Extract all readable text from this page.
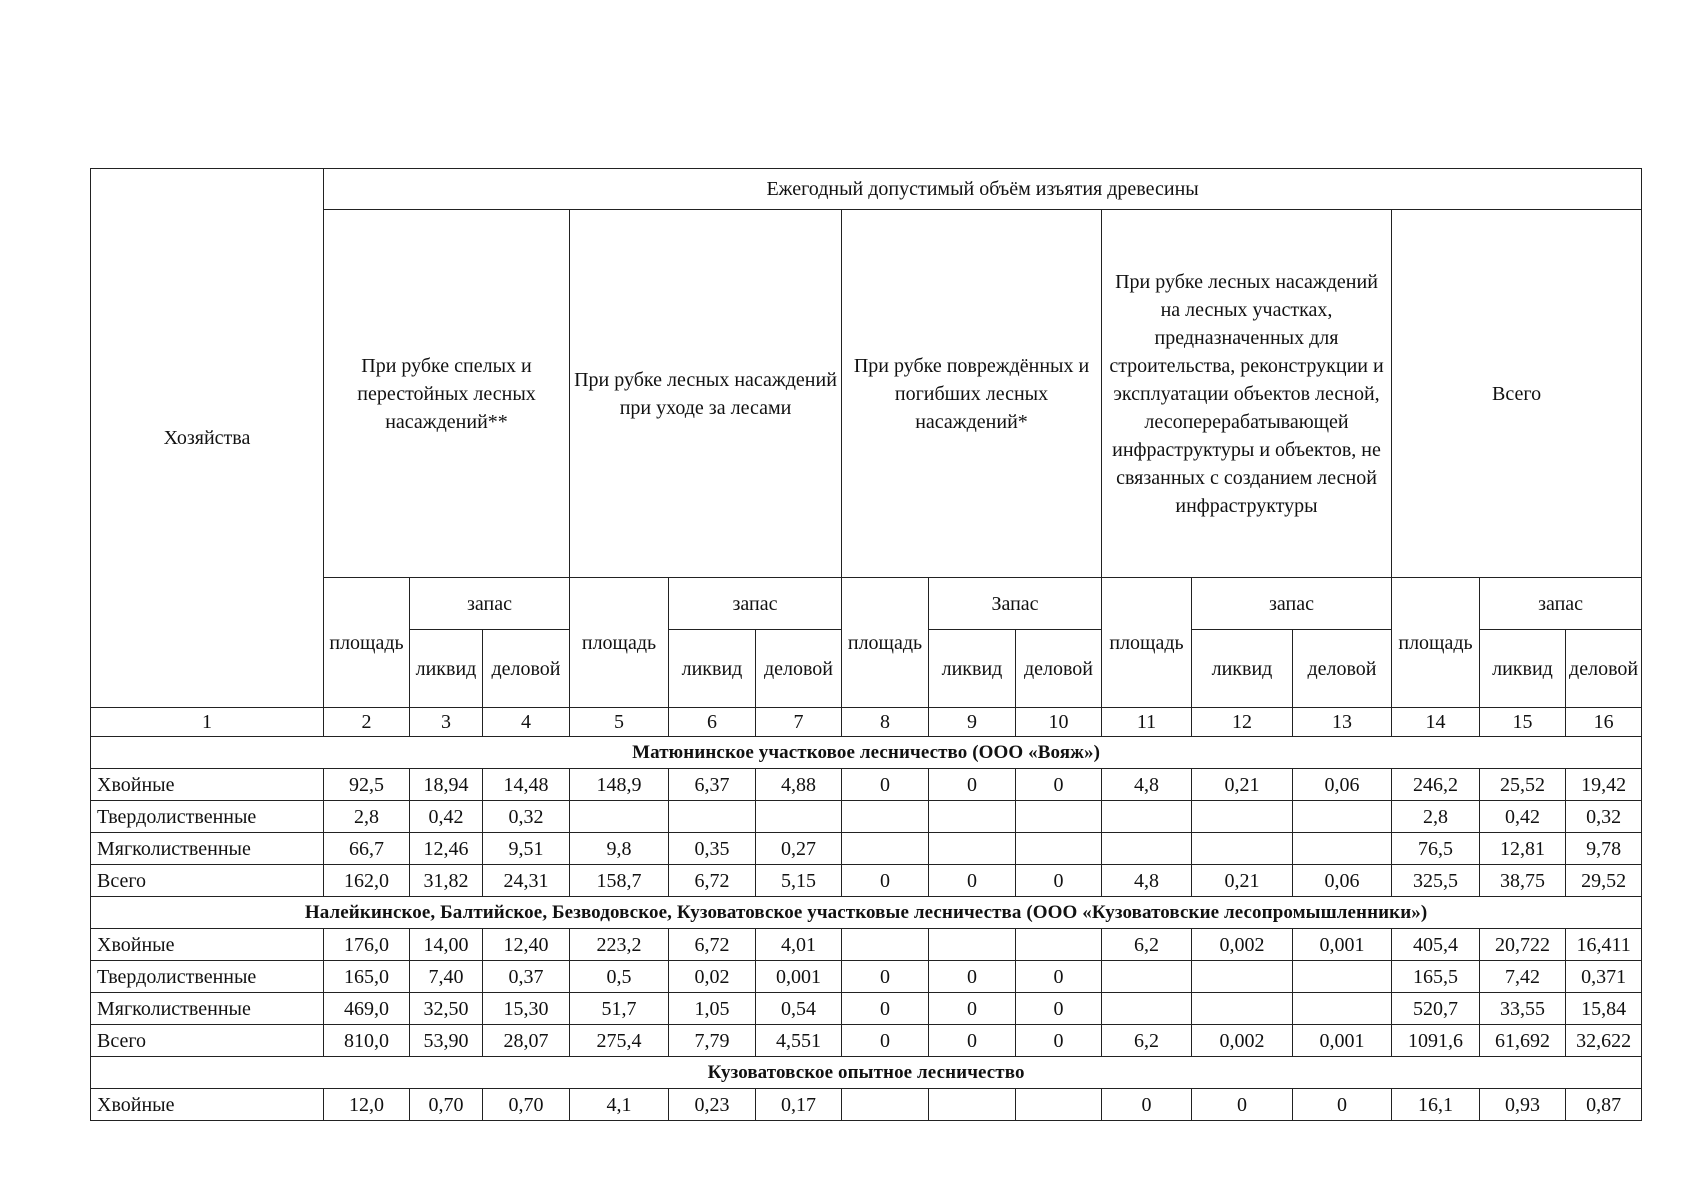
Хозяйства	Ежегодный допустимый объём изъятия древесины														
	При рубке спелых и перестойных лесных насаждений**			При рубке лесных насаждений при уходе за лесами			При рубке повреждённых и погибших лесных насаждений*			При рубке лесных насаждений на лесных участках, предназначенных для строительства, реконструкции и эксплуатации объектов лесной, лесоперерабатывающей инфраструктуры и объектов, не связанных с созданием лесной инфраструктуры			Всего		
	площадь	запас		площадь	запас		площадь	Запас		площадь	запас		площадь	запас	
		ликвид	деловой		ликвид	деловой		ликвид	деловой		ликвид	деловой		ликвид	деловой

1	2	3	4	5	6	7	8	9	10	11	12	13	14	15	16
Матюнинское участковое лесничество (ООО «Вояж»)															
Хвойные	92,5	18,94	14,48	148,9	6,37	4,88	0	0	0	4,8	0,21	0,06	246,2	25,52	19,42
Твердолиственные	2,8	0,42	0,32										2,8	0,42	0,32
Мягколиственные	66,7	12,46	9,51	9,8	0,35	0,27							76,5	12,81	9,78
Всего	162,0	31,82	24,31	158,7	6,72	5,15	0	0	0	4,8	0,21	0,06	325,5	38,75	29,52
Налейкинское, Балтийское, Безводовское, Кузоватовское участковые лесничества (ООО «Кузоватовские лесопромышленники»)															
Хвойные	176,0	14,00	12,40	223,2	6,72	4,01				6,2	0,002	0,001	405,4	20,722	16,411
Твердолиственные	165,0	7,40	0,37	0,5	0,02	0,001	0	0	0				165,5	7,42	0,371
Мягколиственные	469,0	32,50	15,30	51,7	1,05	0,54	0	0	0				520,7	33,55	15,84
Всего	810,0	53,90	28,07	275,4	7,79	4,551	0	0	0	6,2	0,002	0,001	1091,6	61,692	32,622
Кузоватовское опытное лесничество															
Хвойные	12,0	0,70	0,70	4,1	0,23	0,17				0	0	0	16,1	0,93	0,87
